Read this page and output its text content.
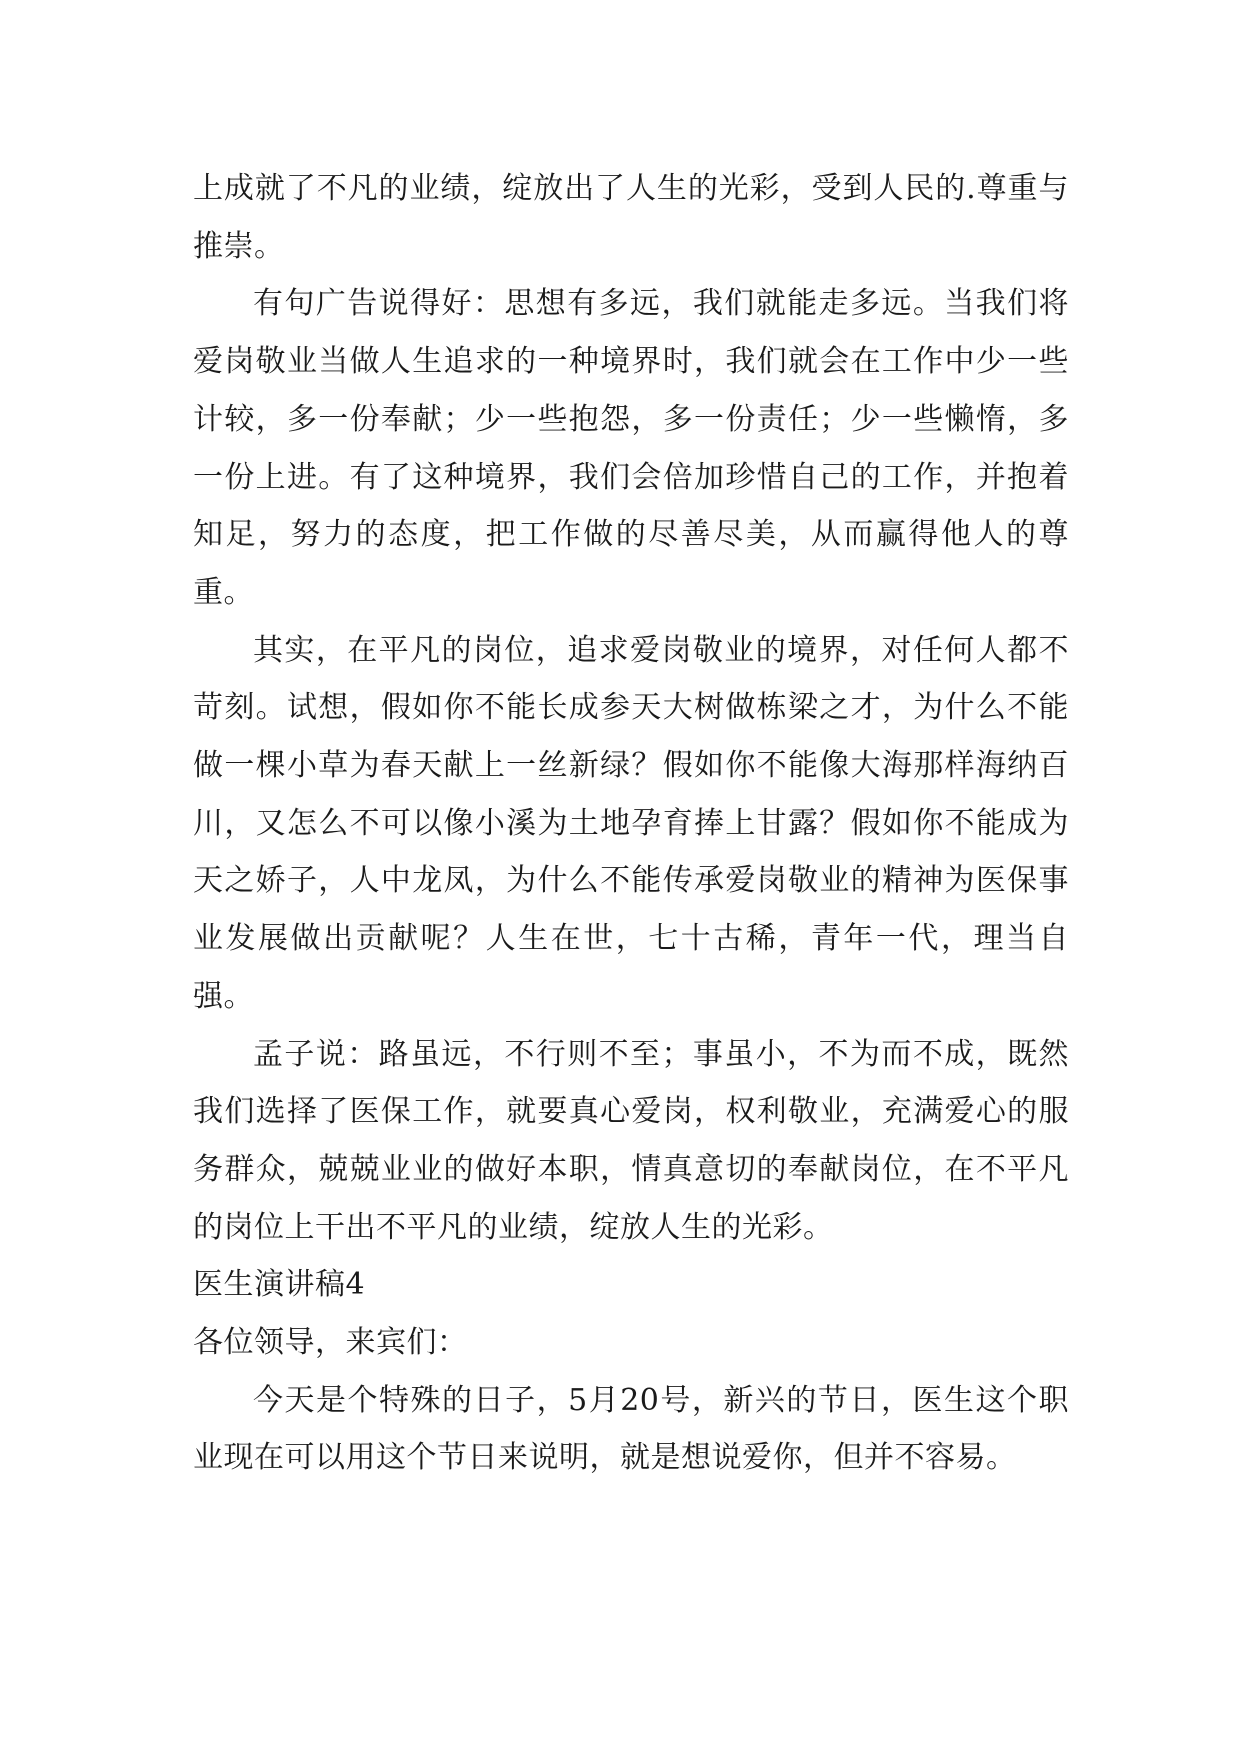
上成就了不凡的业绩，绽放出了人生的光彩，受到人民的.尊重与推崇。

有句广告说得好：思想有多远，我们就能走多远。当我们将爱岗敬业当做人生追求的一种境界时，我们就会在工作中少一些计较，多一份奉献；少一些抱怨，多一份责任；少一些懒惰，多一份上进。有了这种境界，我们会倍加珍惜自己的工作，并抱着知足，努力的态度，把工作做的尽善尽美，从而赢得他人的尊重。

其实，在平凡的岗位，追求爱岗敬业的境界，对任何人都不苛刻。试想，假如你不能长成参天大树做栋梁之才，为什么不能做一棵小草为春天献上一丝新绿？假如你不能像大海那样海纳百川，又怎么不可以像小溪为土地孕育捧上甘露？假如你不能成为天之娇子，人中龙凤，为什么不能传承爱岗敬业的精神为医保事业发展做出贡献呢？人生在世，七十古稀，青年一代，理当自强。

孟子说：路虽远，不行则不至；事虽小，不为而不成，既然我们选择了医保工作，就要真心爱岗，权利敬业，充满爱心的服务群众，兢兢业业的做好本职，情真意切的奉献岗位，在不平凡的岗位上干出不平凡的业绩，绽放人生的光彩。

医生演讲稿4

各位领导，来宾们：

今天是个特殊的日子，5月20号，新兴的节日，医生这个职业现在可以用这个节日来说明，就是想说爱你，但并不容易。
